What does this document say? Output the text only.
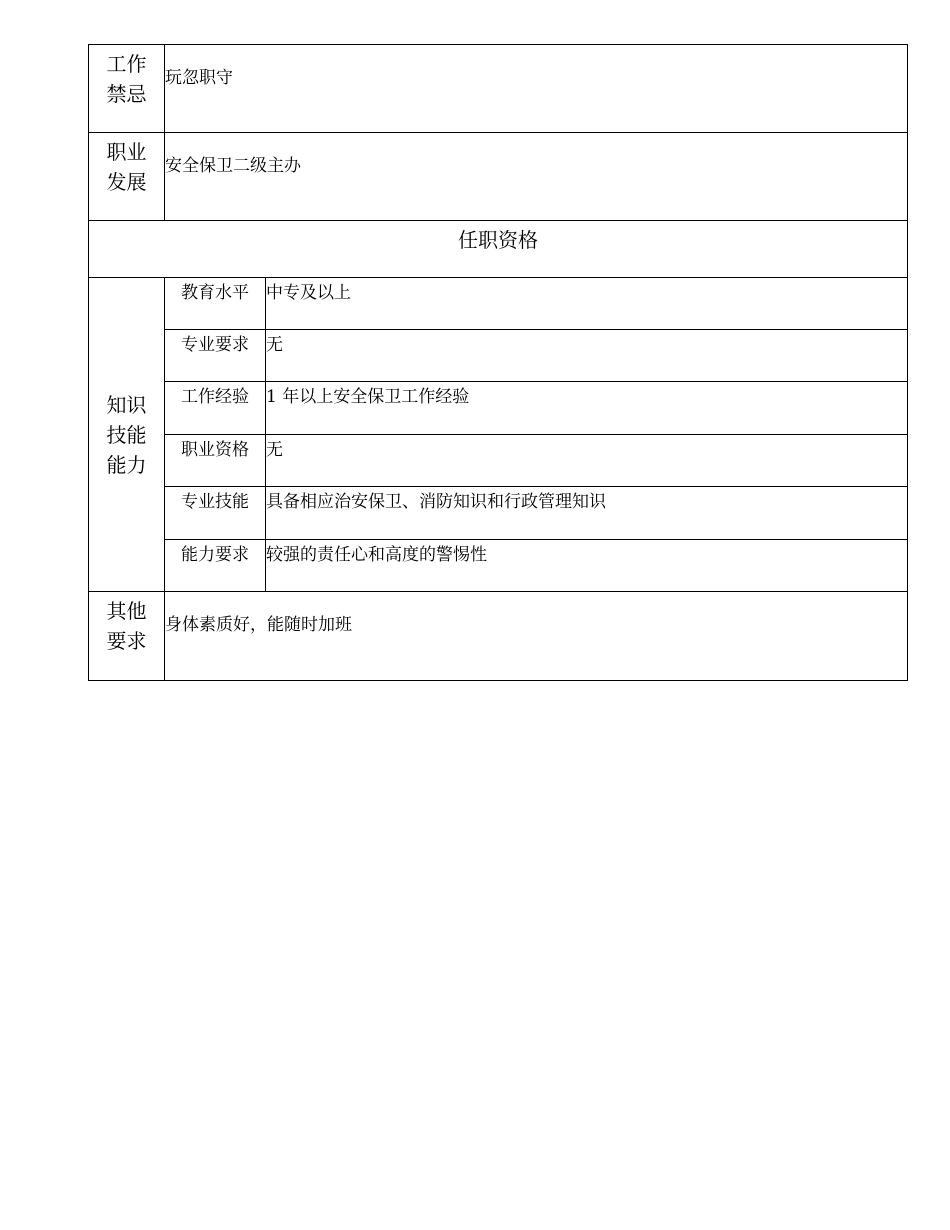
工作
禁忌	玩忽职守	

职业
发展	安全保卫二级主办	
任职资格		

知识
技能
能力	教育水平	中专及以上
	专业要求	无
	工作经验	1 年以上安全保卫工作经验
	职业资格	无
	专业技能	具备相应治安保卫、消防知识和行政管理知识
	能力要求	较强的责任心和高度的警惕性

其他
要求	身体素质好，能随时加班	
